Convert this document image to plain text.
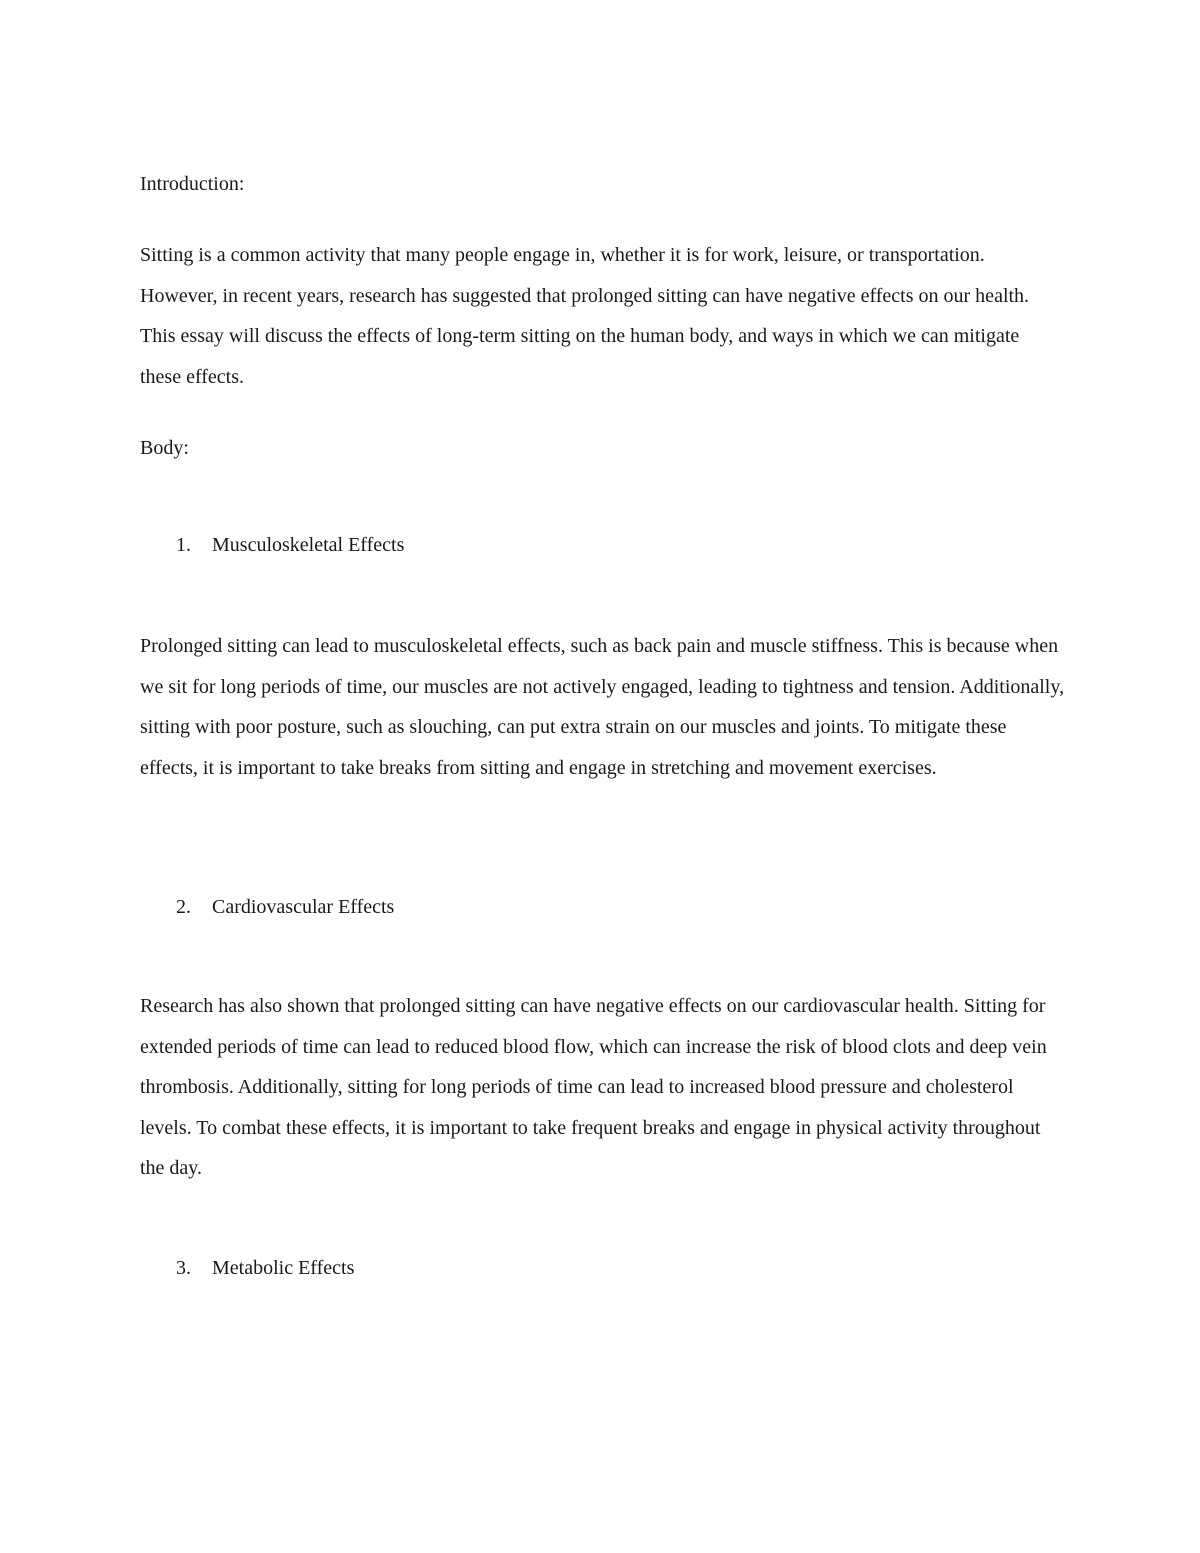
Introduction:

Sitting is a common activity that many people engage in, whether it is for work, leisure, or transportation. However, in recent years, research has suggested that prolonged sitting can have negative effects on our health. This essay will discuss the effects of long-term sitting on the human body, and ways in which we can mitigate these effects.

Body:

1. Musculoskeletal Effects

Prolonged sitting can lead to musculoskeletal effects, such as back pain and muscle stiffness. This is because when we sit for long periods of time, our muscles are not actively engaged, leading to tightness and tension. Additionally, sitting with poor posture, such as slouching, can put extra strain on our muscles and joints. To mitigate these effects, it is important to take breaks from sitting and engage in stretching and movement exercises.

2. Cardiovascular Effects

Research has also shown that prolonged sitting can have negative effects on our cardiovascular health. Sitting for extended periods of time can lead to reduced blood flow, which can increase the risk of blood clots and deep vein thrombosis. Additionally, sitting for long periods of time can lead to increased blood pressure and cholesterol levels. To combat these effects, it is important to take frequent breaks and engage in physical activity throughout the day.

3. Metabolic Effects
